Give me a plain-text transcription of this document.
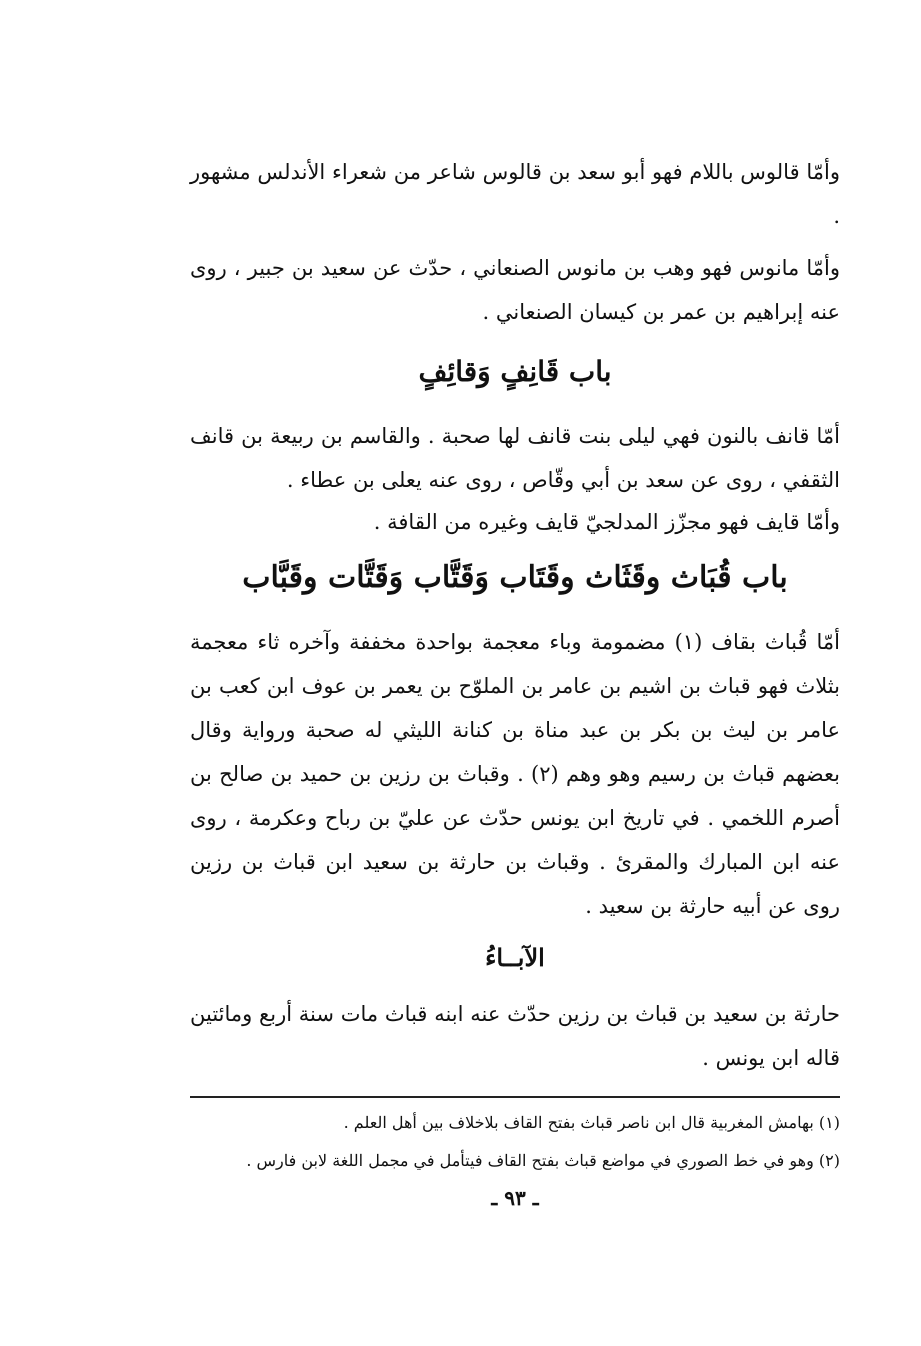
وأمّا قالوس باللام فهو أبو سعد بن قالوس شاعر من شعراء الأندلس مشهور .

وأمّا مانوس فهو وهب بن مانوس الصنعاني ، حدّث عن سعيد بن جبير ، روى عنه إبراهيم بن عمر بن كيسان الصنعاني .

باب قَانِفٍ وَقائِفٍ

أمّا قانف بالنون فهي ليلى بنت قانف لها صحبة . والقاسم بن ربيعة بن قانف الثقفي ، روى عن سعد بن أبي وقّاص ، روى عنه يعلى بن عطاء .

وأمّا قايف فهو مجزّز المدلجيّ قايف وغيره من القافة .

باب قُبَاث وقَثَاث وقَتَاب وَقَتَّاب وَقَتَّات وقَبَّاب

أمّا قُباث بقاف (١) مضمومة وباء معجمة بواحدة مخففة وآخره ثاء معجمة بثلاث فهو قباث بن اشيم بن عامر بن الملوّح بن يعمر بن عوف ابن كعب بن عامر بن ليث بن بكر بن عبد مناة بن كنانة الليثي له صحبة ورواية وقال بعضهم قباث بن رسيم وهو وهم (٢) . وقباث بن رزين بن حميد بن صالح بن أصرم اللخمي . في تاريخ ابن يونس حدّث عن عليّ بن رباح وعكرمة ، روى عنه ابن المبارك والمقرئ . وقباث بن حارثة بن سعيد ابن قباث بن رزين روى عن أبيه حارثة بن سعيد .

الآبــاءُ

حارثة بن سعيد بن قباث بن رزين حدّث عنه ابنه قباث مات سنة أربع ومائتين قاله ابن يونس .

(١) بهامش المغربية قال ابن ناصر قباث بفتح القاف بلاخلاف بين أهل العلم .
(٢) وهو في خط الصوري في مواضع قباث بفتح القاف فيتأمل في مجمل اللغة لابن فارس .
ـ ٩٣ ـ
